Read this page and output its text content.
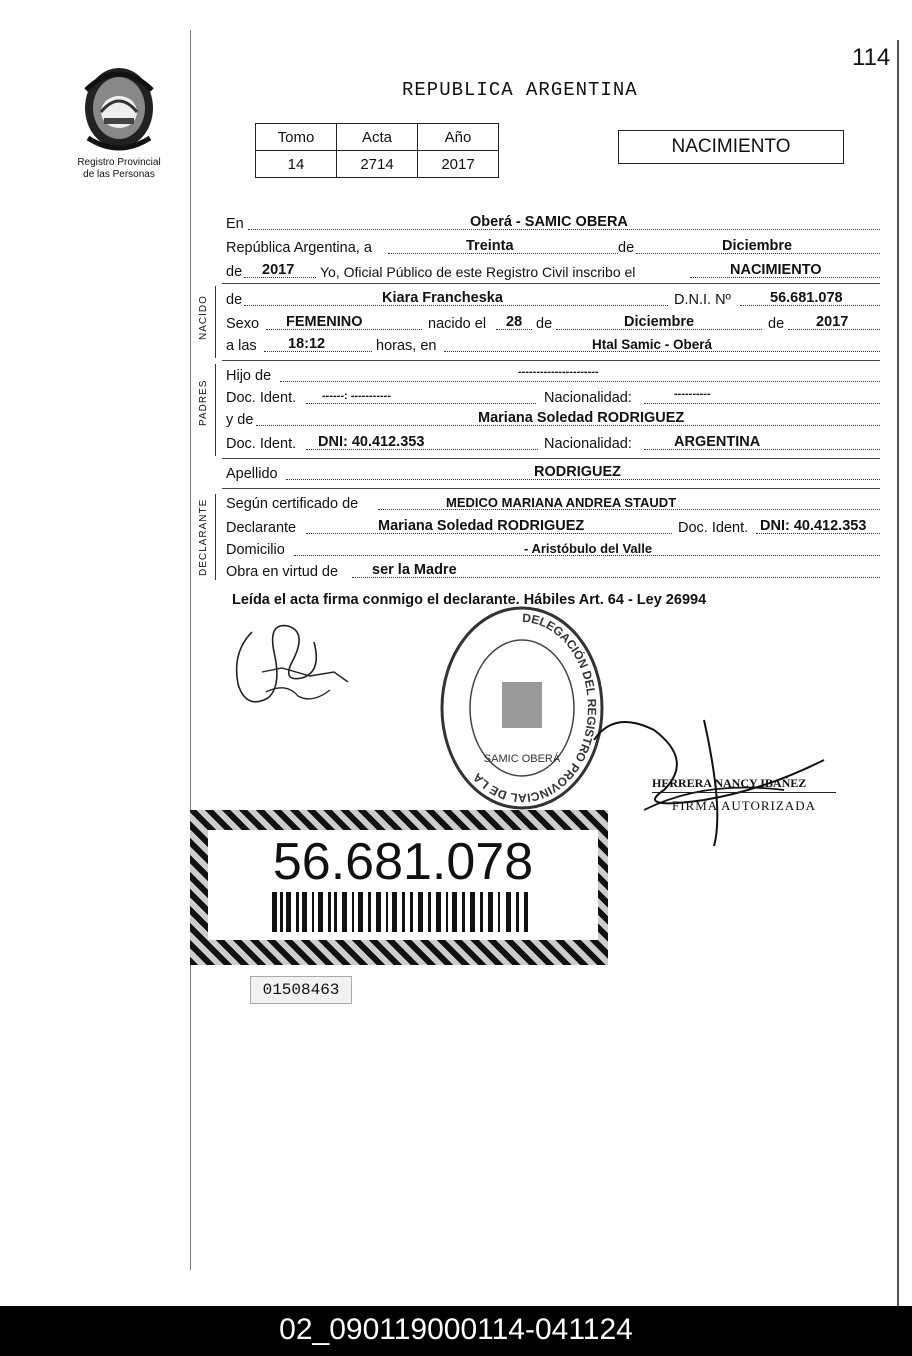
Registro Provincial
de las Personas
114
REPUBLICA ARGENTINA
Tomo	Acta	Año
14	2714	2017
NACIMIENTO
En	Oberá - SAMIC OBERA
República Argentina, a	Treinta	de	Diciembre
de 2017 Yo, Oficial Público de este Registro Civil inscribo el	NACIMIENTO
NACIDO de	Kiara Francheska	D.N.I. Nº	56.681.078
Sexo FEMENINO	nacido el 28 de	Diciembre	de 2017
a las 18:12	horas, en	Htal Samic - Oberá
PADRES
Hijo de	----------------------
Doc. Ident. ------: -----------	Nacionalidad:	----------
y de	Mariana Soledad RODRIGUEZ
Doc. Ident. DNI: 40.412.353	Nacionalidad:	ARGENTINA
Apellido	RODRIGUEZ
DECLARANTE Según certificado de	MEDICO MARIANA ANDREA STAUDT
Declarante	Mariana Soledad RODRIGUEZ	Doc. Ident. DNI: 40.412.353
Domicilio	- Aristóbulo del Valle
Obra en virtud de ser la Madre
Leída el acta firma conmigo el declarante. Hábiles Art. 64 - Ley 26994
DELEGACIÓN DEL REGISTRO PROVINCIAL DE LA
SAMIC OBERÁ
HERRERA NANCY IBAÑEZ
FIRMA AUTORIZADA
56.681.078
01508463
02_090119000114-041124
